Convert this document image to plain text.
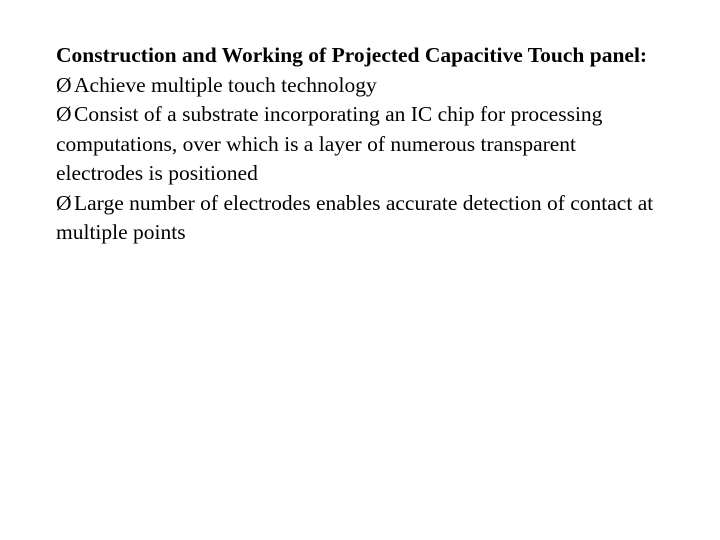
Construction and Working of Projected Capacitive Touch panel:

Ø Achieve multiple touch technology

Ø Consist of a substrate incorporating an IC chip for processing computations, over which is a layer of numerous transparent electrodes is positioned

Ø Large number of electrodes enables accurate detection of contact at multiple points
